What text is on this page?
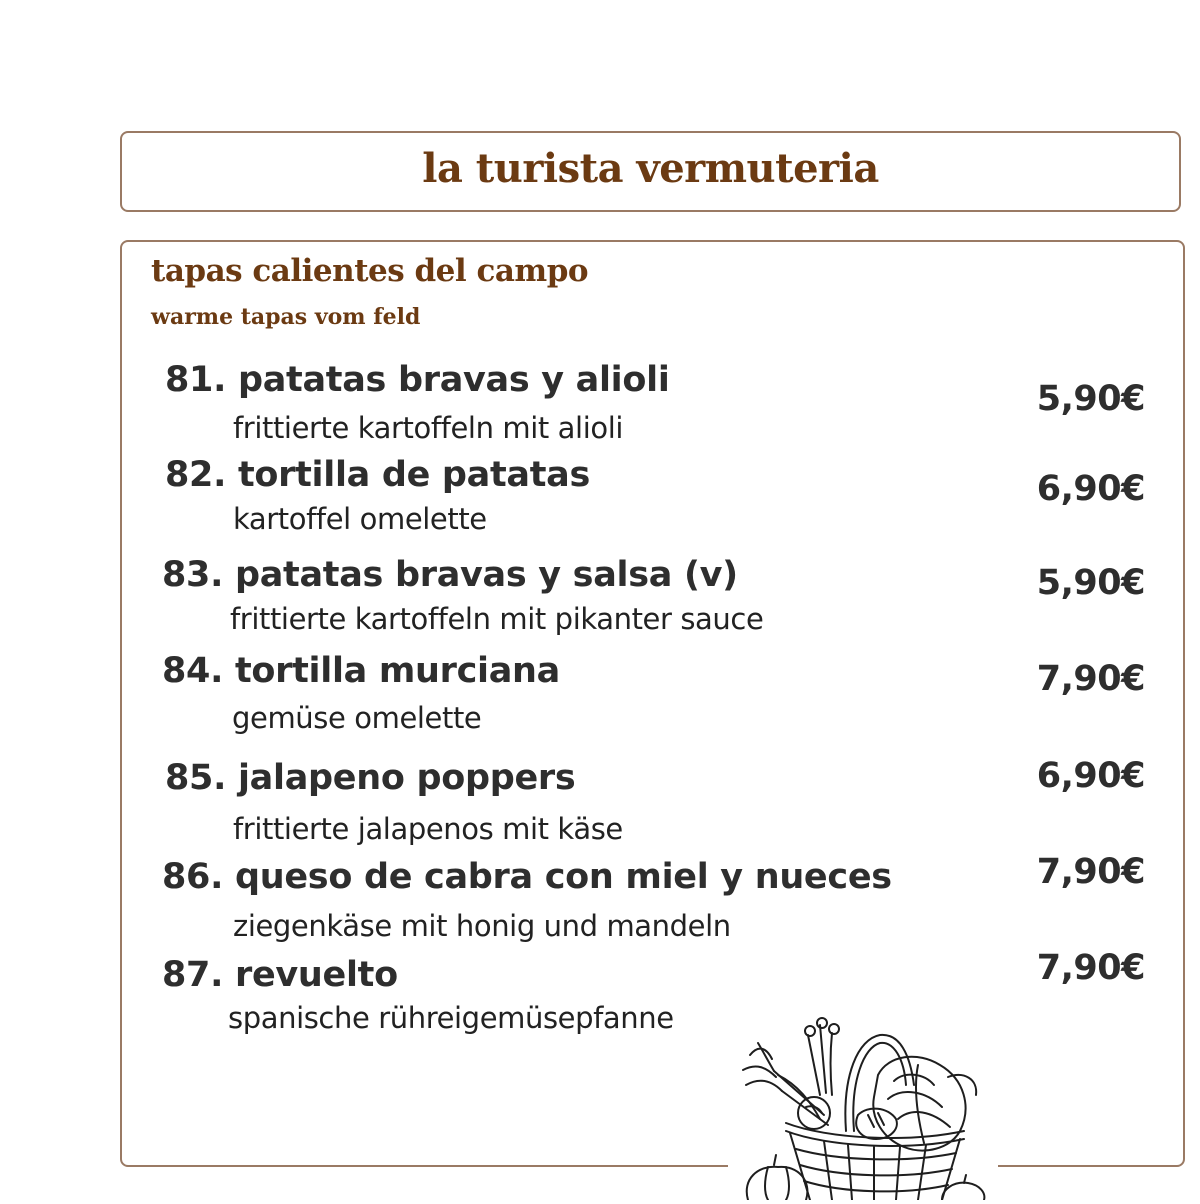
la turista vermuteria
tapas calientes del campo
warme tapas vom feld
81. patatas bravas y alioli
frittierte kartoffeln mit alioli
5,90€
82. tortilla de patatas
kartoffel omelette
6,90€
83. patatas bravas y salsa (v)
frittierte kartoffeln mit pikanter sauce
5,90€
84. tortilla murciana
gemüse omelette
7,90€
85. jalapeno poppers
frittierte jalapenos mit käse
6,90€
86. queso de cabra con miel y nueces
ziegenkäse mit honig und mandeln
7,90€
87. revuelto
spanische rühreigemüsepfanne
7,90€
